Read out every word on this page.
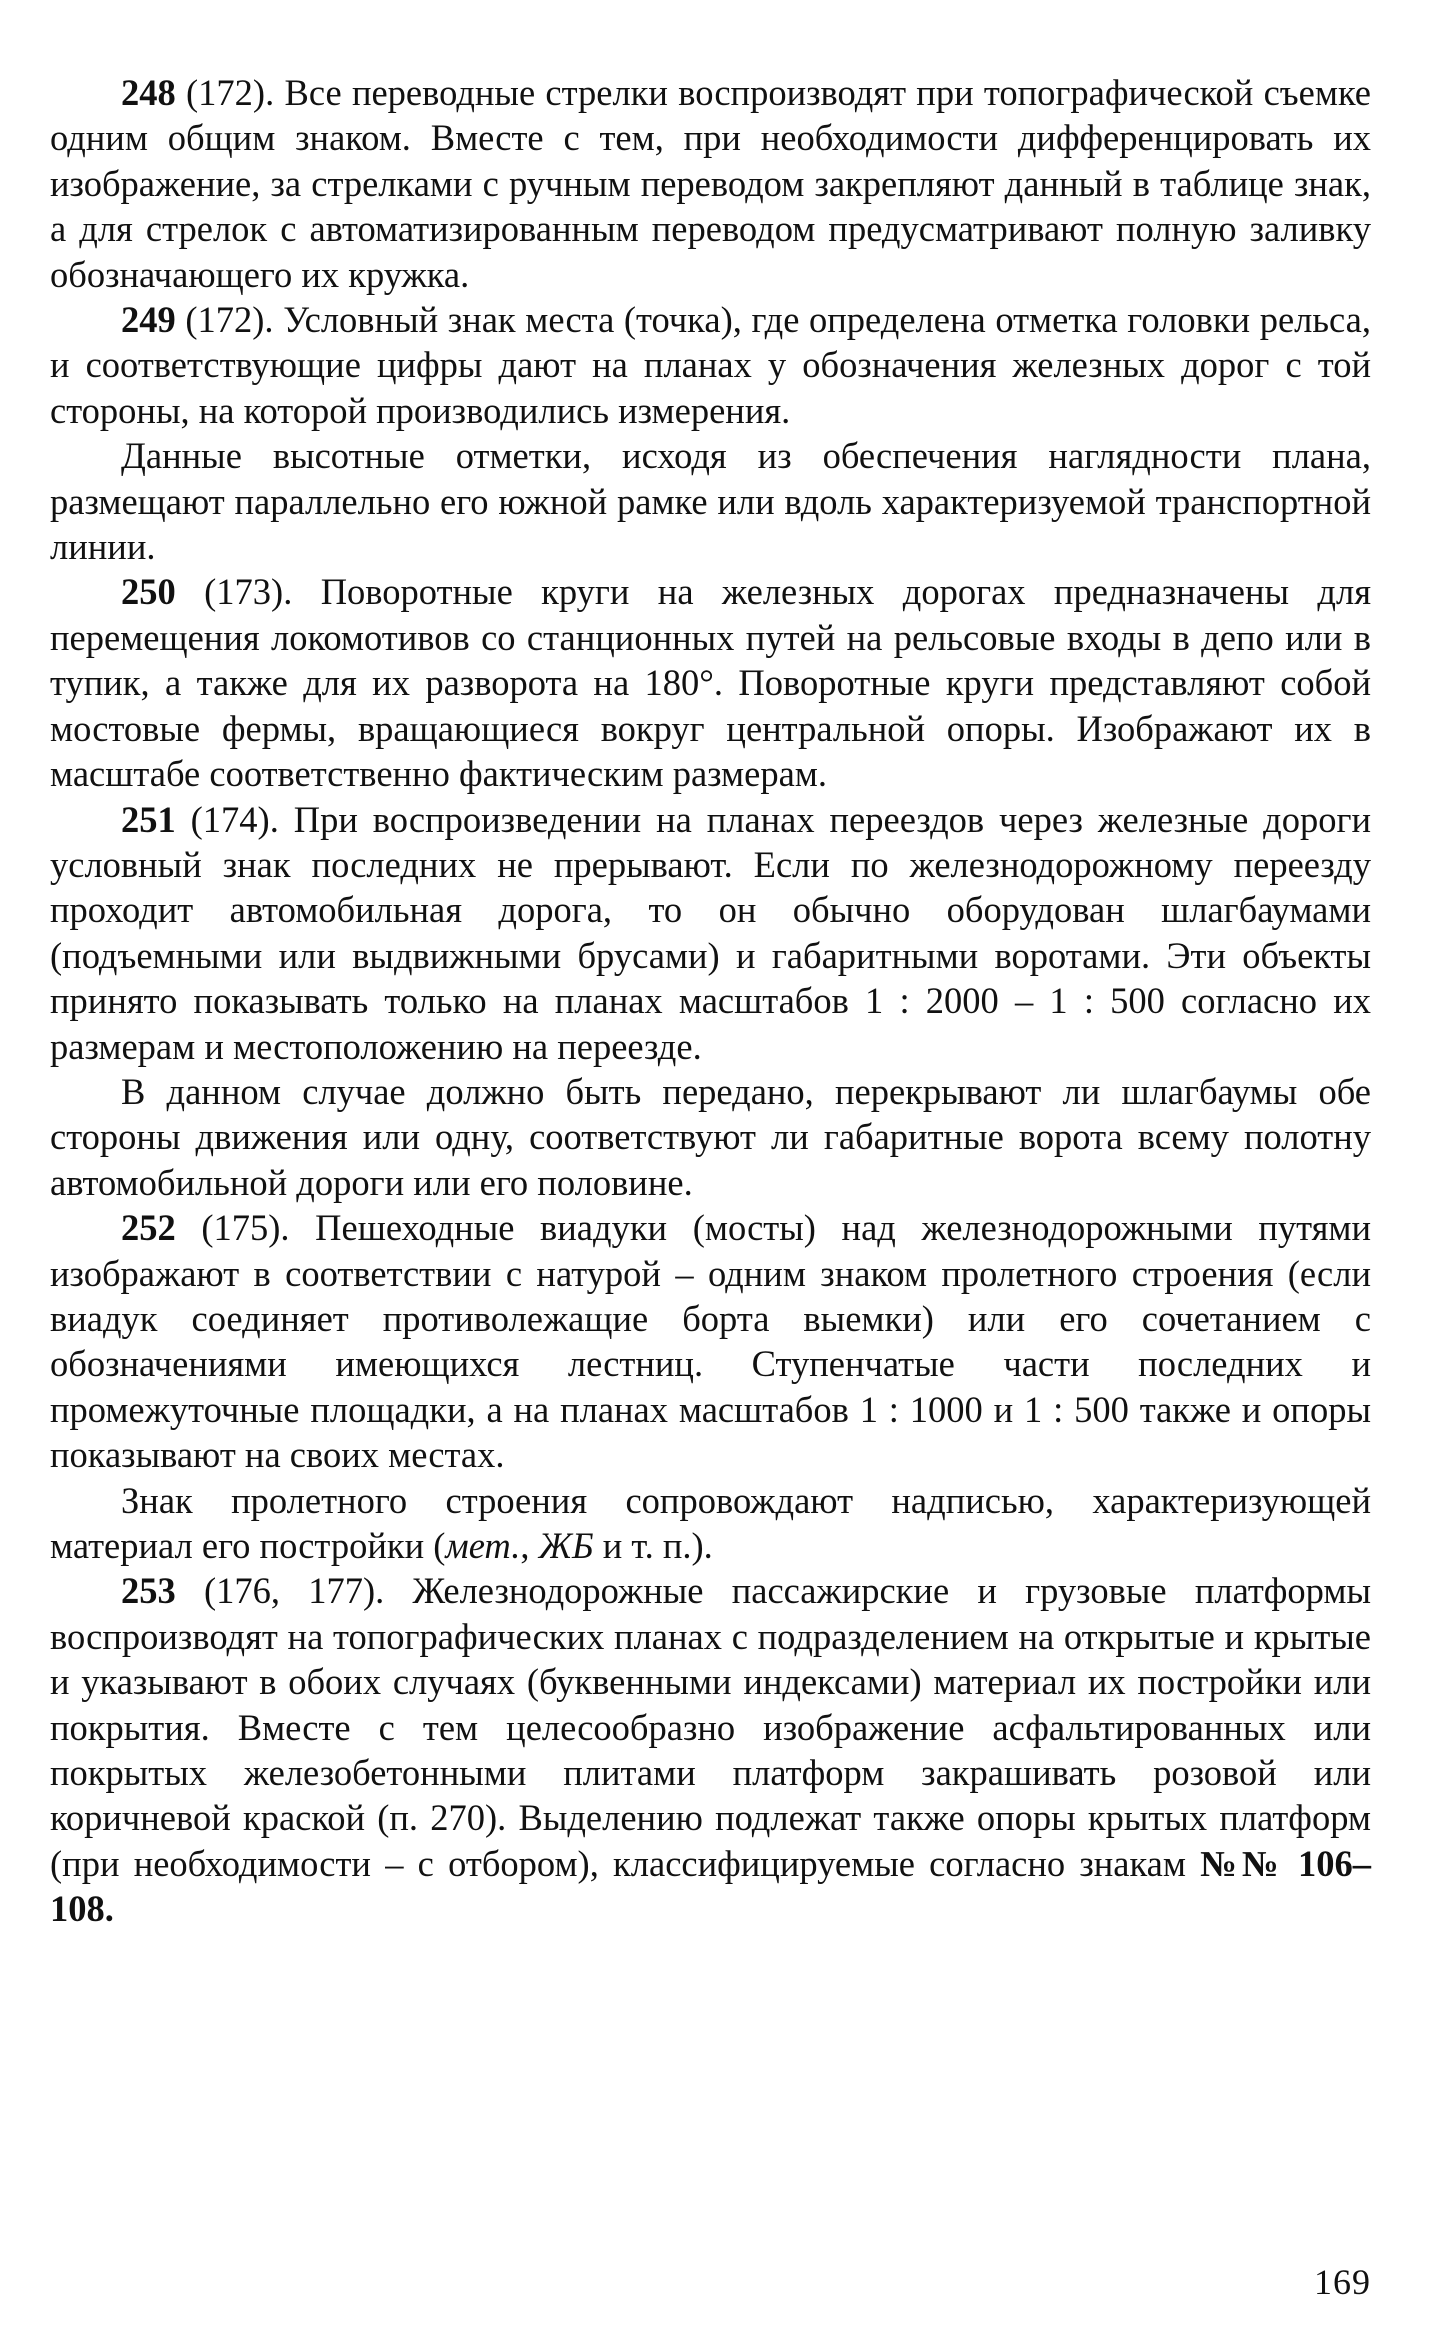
248 (172). Все переводные стрелки воспроизводят при топографической съемке одним общим знаком. Вместе с тем, при необходимости дифференцировать их изображение, за стрелками с ручным переводом закрепляют данный в таблице знак, а для стрелок с автоматизированным переводом предусматривают полную заливку обозначающего их кружка.

249 (172). Условный знак места (точка), где определена отметка головки рельса, и соответствующие цифры дают на планах у обозначения железных дорог с той стороны, на которой производились измерения.

Данные высотные отметки, исходя из обеспечения наглядности плана, размещают параллельно его южной рамке или вдоль характеризуемой транспортной линии.

250 (173). Поворотные круги на железных дорогах предназначены для перемещения локомотивов со станционных путей на рельсовые входы в депо или в тупик, а также для их разворота на 180°. Поворотные круги представляют собой мостовые фермы, вращающиеся вокруг центральной опоры. Изображают их в масштабе соответственно фактическим размерам.

251 (174). При воспроизведении на планах переездов через железные дороги условный знак последних не прерывают. Если по железнодорожному переезду проходит автомобильная дорога, то он обычно оборудован шлагбаумами (подъемными или выдвижными брусами) и габаритными воротами. Эти объекты принято показывать только на планах масштабов 1 : 2000 – 1 : 500 согласно их размерам и местоположению на переезде.

В данном случае должно быть передано, перекрывают ли шлагбаумы обе стороны движения или одну, соответствуют ли габаритные ворота всему полотну автомобильной дороги или его половине.

252 (175). Пешеходные виадуки (мосты) над железнодорожными путями изображают в соответствии с натурой – одним знаком пролетного строения (если виадук соединяет противолежащие борта выемки) или его сочетанием с обозначениями имеющихся лестниц. Ступенчатые части последних и промежуточные площадки, а на планах масштабов 1 : 1000 и 1 : 500 также и опоры показывают на своих местах.

Знак пролетного строения сопровождают надписью, характеризующей материал его постройки (мет., ЖБ и т. п.).

253 (176, 177). Железнодорожные пассажирские и грузовые платформы воспроизводят на топографических планах с подразделением на открытые и крытые и указывают в обоих случаях (буквенными индексами) материал их постройки или покрытия. Вместе с тем целесообразно изображение асфальтированных или покрытых железобетонными плитами платформ закрашивать розовой или коричневой краской (п. 270). Выделению подлежат также опоры крытых платформ (при необходимости – с отбором), классифицируемые согласно знакам №№ 106–108.

169
